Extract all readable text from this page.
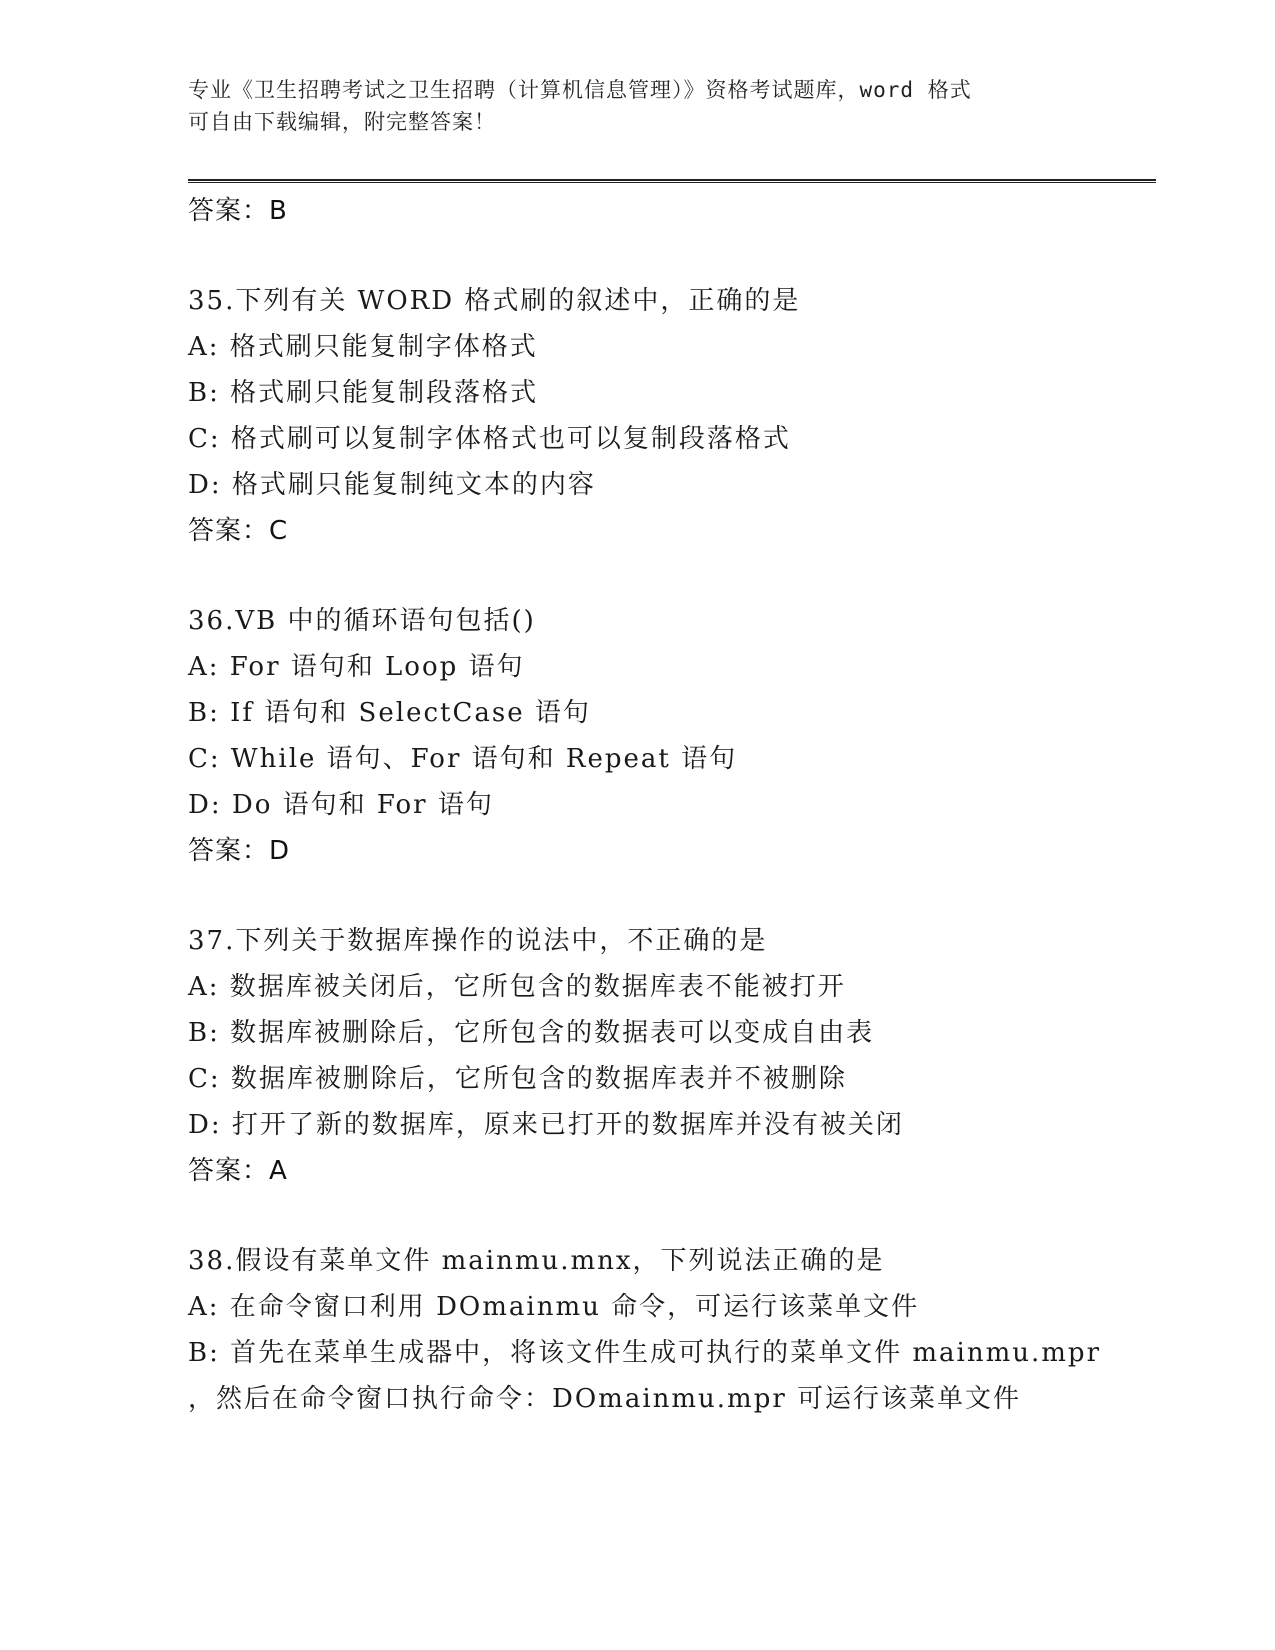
专业《卫生招聘考试之卫生招聘（计算机信息管理）》资格考试题库，word 格式
可自由下载编辑，附完整答案！
答案：B
35.下列有关 WORD 格式刷的叙述中，正确的是
A: 格式刷只能复制字体格式
B: 格式刷只能复制段落格式
C: 格式刷可以复制字体格式也可以复制段落格式
D: 格式刷只能复制纯文本的内容
答案：C
36.VB 中的循环语句包括()
A: For 语句和 Loop 语句
B: If 语句和 SelectCase 语句
C: While 语句、For 语句和 Repeat 语句
D: Do 语句和 For 语句
答案：D
37.下列关于数据库操作的说法中，不正确的是
A: 数据库被关闭后，它所包含的数据库表不能被打开
B: 数据库被删除后，它所包含的数据表可以变成自由表
C: 数据库被删除后，它所包含的数据库表并不被删除
D: 打开了新的数据库，原来已打开的数据库并没有被关闭
答案：A
38.假设有菜单文件 mainmu.mnx，下列说法正确的是
A: 在命令窗口利用 DOmainmu 命令，可运行该菜单文件
B: 首先在菜单生成器中，将该文件生成可执行的菜单文件 mainmu.mpr
，然后在命令窗口执行命令：DOmainmu.mpr 可运行该菜单文件
